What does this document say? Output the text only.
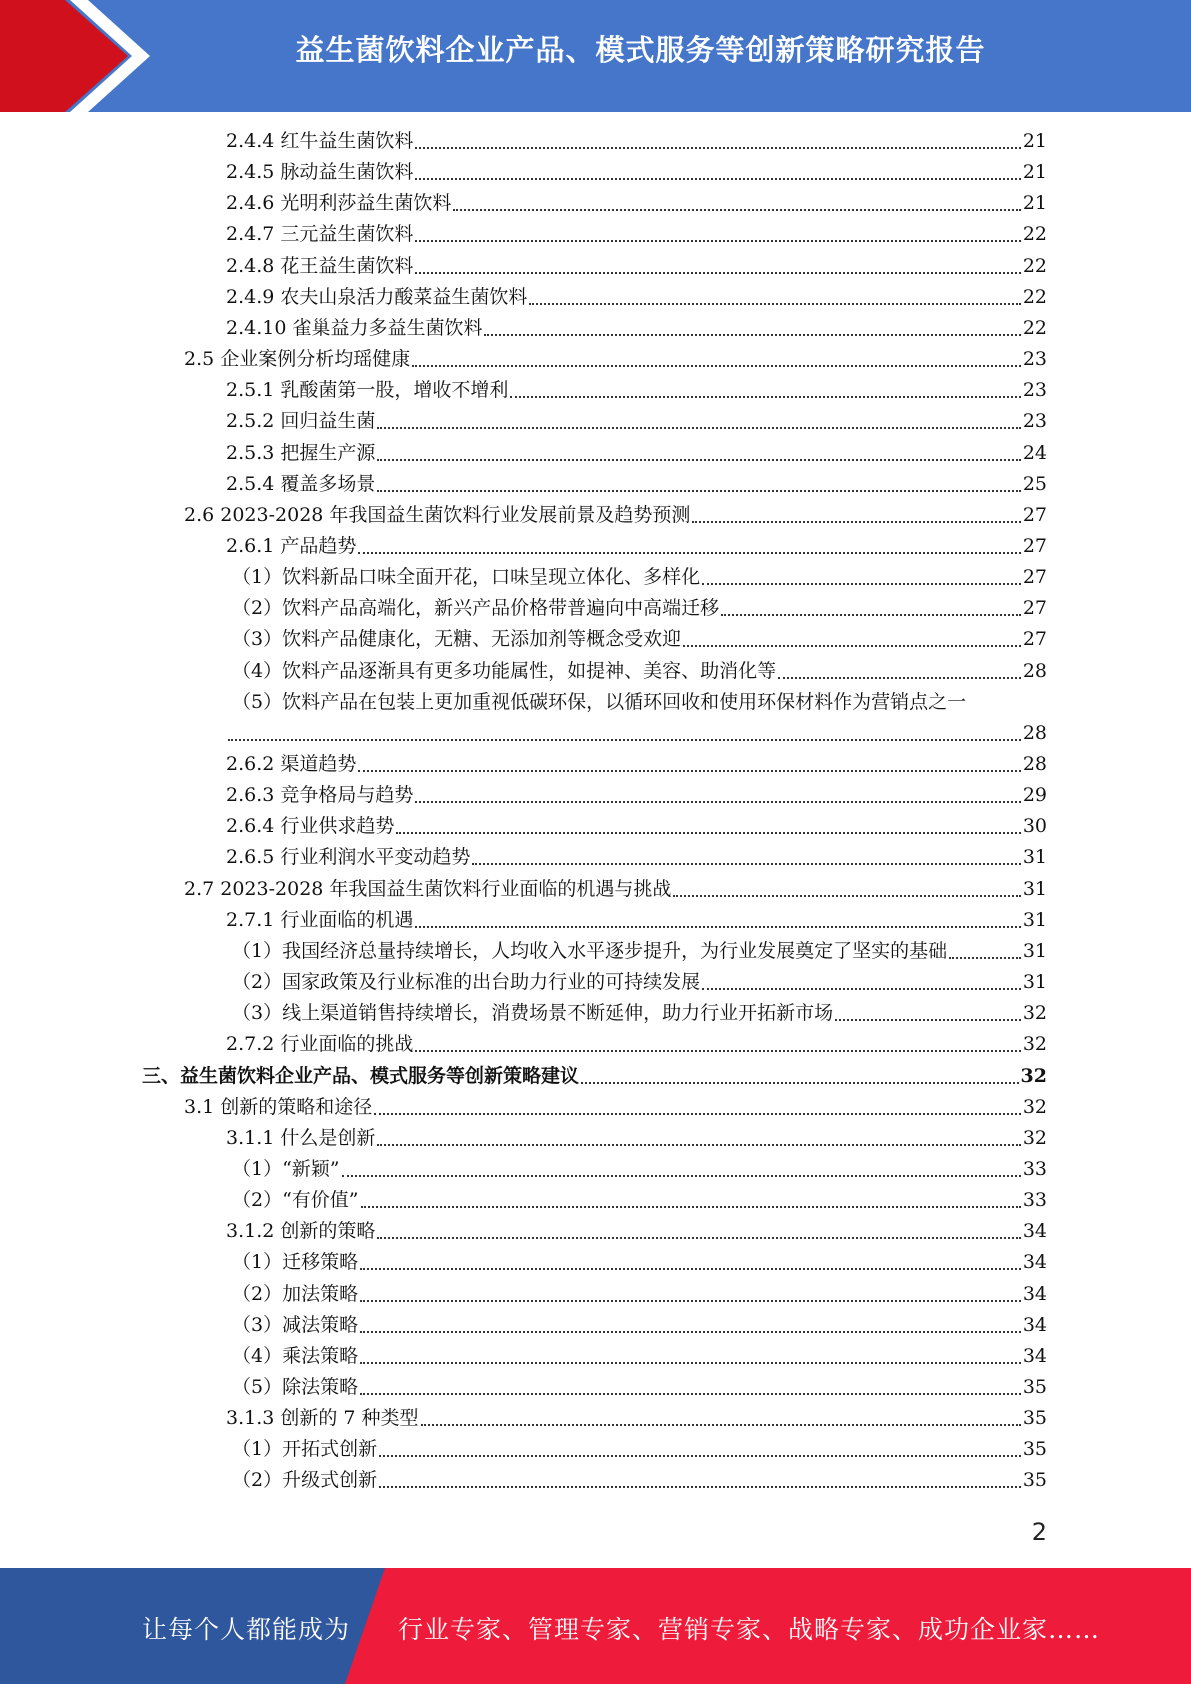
益生菌饮料企业产品、模式服务等创新策略研究报告
2.4.4 红牛益生菌饮料	21
2.4.5 脉动益生菌饮料	21
2.4.6 光明利莎益生菌饮料	21
2.4.7 三元益生菌饮料	22
2.4.8 花王益生菌饮料	22
2.4.9 农夫山泉活力酸菜益生菌饮料	22
2.4.10 雀巢益力多益生菌饮料	22
2.5 企业案例分析均瑶健康	23
2.5.1 乳酸菌第一股，增收不增利	23
2.5.2 回归益生菌	23
2.5.3 把握生产源	24
2.5.4 覆盖多场景	25
2.6 2023-2028 年我国益生菌饮料行业发展前景及趋势预测	27
2.6.1 产品趋势	27
（1）饮料新品口味全面开花，口味呈现立体化、多样化	27
（2）饮料产品高端化，新兴产品价格带普遍向中高端迁移	27
（3）饮料产品健康化，无糖、无添加剂等概念受欢迎	27
（4）饮料产品逐渐具有更多功能属性，如提神、美容、助消化等	28
（5）饮料产品在包装上更加重视低碳环保，以循环回收和使用环保材料作为营销点之一
28
2.6.2 渠道趋势	28
2.6.3 竞争格局与趋势	29
2.6.4 行业供求趋势	30
2.6.5 行业利润水平变动趋势	31
2.7 2023-2028 年我国益生菌饮料行业面临的机遇与挑战	31
2.7.1 行业面临的机遇	31
（1）我国经济总量持续增长，人均收入水平逐步提升，为行业发展奠定了坚实的基础	31
（2）国家政策及行业标准的出台助力行业的可持续发展	31
（3）线上渠道销售持续增长，消费场景不断延伸，助力行业开拓新市场	32
2.7.2 行业面临的挑战	32
三、益生菌饮料企业产品、模式服务等创新策略建议	32
3.1 创新的策略和途径	32
3.1.1 什么是创新	32
（1）“新颖”	33
（2）“有价值”	33
3.1.2 创新的策略	34
（1）迁移策略	34
（2）加法策略	34
（3）减法策略	34
（4）乘法策略	34
（5）除法策略	35
3.1.3 创新的 7 种类型	35
（1）开拓式创新	35
（2）升级式创新	35
2
让每个人都能成为 行业专家、管理专家、营销专家、战略专家、成功企业家……
